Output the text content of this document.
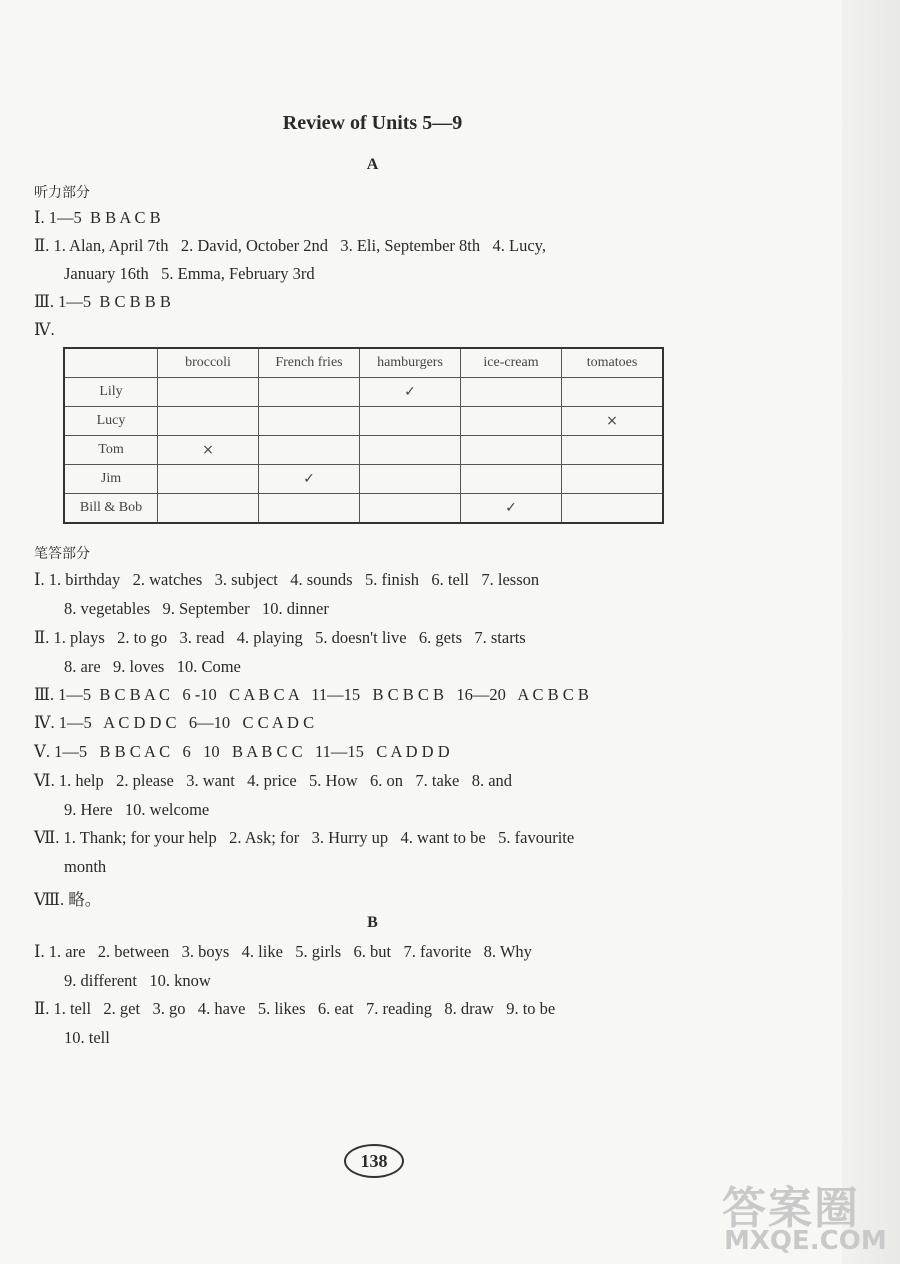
Review of Units 5—9
A
听力部分
Ⅰ. 1—5  B B A C B
Ⅱ. 1. Alan, April 7th   2. David, October 2nd   3. Eli, September 8th   4. Lucy,
January 16th   5. Emma, February 3rd
Ⅲ. 1—5  B C B B B
Ⅳ.
	broccoli	French fries	hamburgers	ice-cream	tomatoes
Lily			✓		
Lucy					×
Tom	×				
Jim		✓			
Bill & Bob				✓	
笔答部分
Ⅰ. 1. birthday   2. watches   3. subject   4. sounds   5. finish   6. tell   7. lesson
8. vegetables   9. September   10. dinner
Ⅱ. 1. plays   2. to go   3. read   4. playing   5. doesn't live   6. gets   7. starts
8. are   9. loves   10. Come
Ⅲ. 1—5  B C B A C   6 -10   C A B C A   11—15   B C B C B   16—20   A C B C B
Ⅳ. 1—5   A C D D C   6—10   C C A D C
Ⅴ. 1—5   B B C A C   6   10   B A B C C   11—15   C A D D D
Ⅵ. 1. help   2. please   3. want   4. price   5. How   6. on   7. take   8. and
9. Here   10. welcome
Ⅶ. 1. Thank; for your help   2. Ask; for   3. Hurry up   4. want to be   5. favourite
month
Ⅷ. 略。
B
Ⅰ. 1. are   2. between   3. boys   4. like   5. girls   6. but   7. favorite   8. Why
9. different   10. know
Ⅱ. 1. tell   2. get   3. go   4. have   5. likes   6. eat   7. reading   8. draw   9. to be
10. tell
138
答案圈
MXQE.COM
